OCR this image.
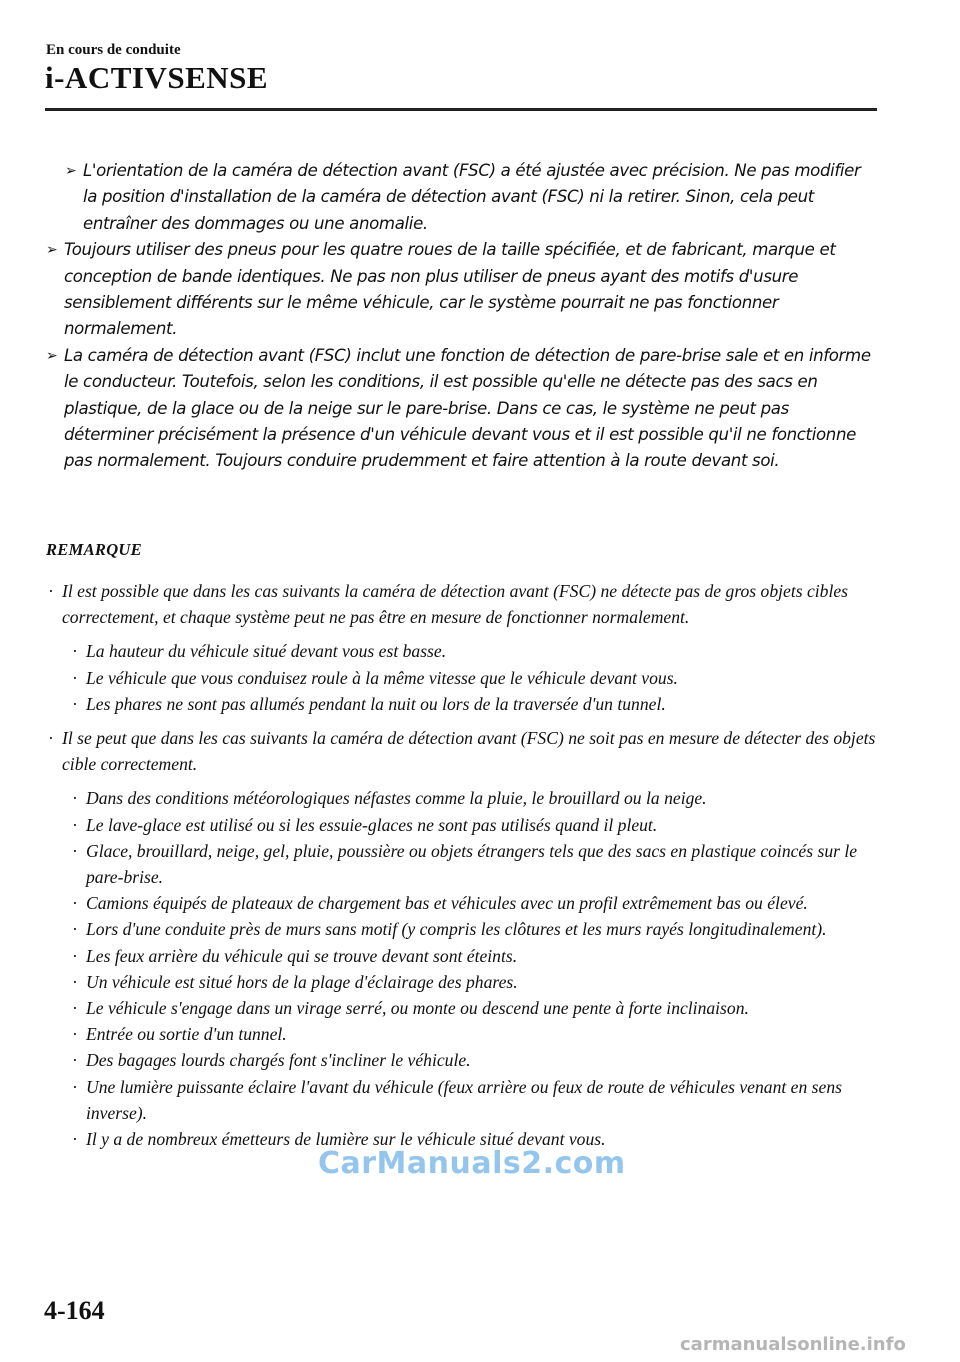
En cours de conduite
i-ACTIVSENSE
➢ L'orientation de la caméra de détection avant (FSC) a été ajustée avec précision. Ne pas modifier la position d'installation de la caméra de détection avant (FSC) ni la retirer. Sinon, cela peut entraîner des dommages ou une anomalie.
➢ Toujours utiliser des pneus pour les quatre roues de la taille spécifiée, et de fabricant, marque et conception de bande identiques. Ne pas non plus utiliser de pneus ayant des motifs d'usure sensiblement différents sur le même véhicule, car le système pourrait ne pas fonctionner normalement.
➢ La caméra de détection avant (FSC) inclut une fonction de détection de pare-brise sale et en informe le conducteur. Toutefois, selon les conditions, il est possible qu'elle ne détecte pas des sacs en plastique, de la glace ou de la neige sur le pare-brise. Dans ce cas, le système ne peut pas déterminer précisément la présence d'un véhicule devant vous et il est possible qu'il ne fonctionne pas normalement. Toujours conduire prudemment et faire attention à la route devant soi.
REMARQUE
· Il est possible que dans les cas suivants la caméra de détection avant (FSC) ne détecte pas de gros objets cibles correctement, et chaque système peut ne pas être en mesure de fonctionner normalement.
· La hauteur du véhicule situé devant vous est basse.
· Le véhicule que vous conduisez roule à la même vitesse que le véhicule devant vous.
· Les phares ne sont pas allumés pendant la nuit ou lors de la traversée d'un tunnel.
· Il se peut que dans les cas suivants la caméra de détection avant (FSC) ne soit pas en mesure de détecter des objets cible correctement.
· Dans des conditions météorologiques néfastes comme la pluie, le brouillard ou la neige.
· Le lave-glace est utilisé ou si les essuie-glaces ne sont pas utilisés quand il pleut.
· Glace, brouillard, neige, gel, pluie, poussière ou objets étrangers tels que des sacs en plastique coincés sur le pare-brise.
· Camions équipés de plateaux de chargement bas et véhicules avec un profil extrêmement bas ou élevé.
· Lors d'une conduite près de murs sans motif (y compris les clôtures et les murs rayés longitudinalement).
· Les feux arrière du véhicule qui se trouve devant sont éteints.
· Un véhicule est situé hors de la plage d'éclairage des phares.
· Le véhicule s'engage dans un virage serré, ou monte ou descend une pente à forte inclinaison.
· Entrée ou sortie d'un tunnel.
· Des bagages lourds chargés font s'incliner le véhicule.
· Une lumière puissante éclaire l'avant du véhicule (feux arrière ou feux de route de véhicules venant en sens inverse).
· Il y a de nombreux émetteurs de lumière sur le véhicule situé devant vous.
CarManuals2.com
4-164
carmanualsonline.info
